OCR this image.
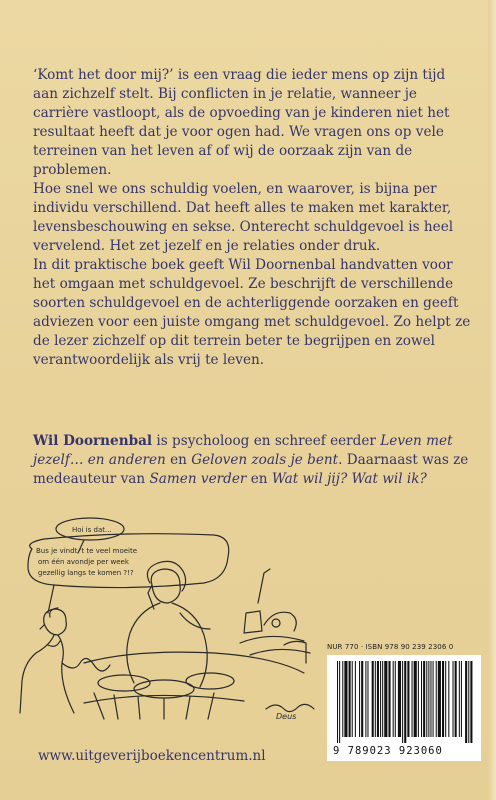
‘Komt het door mij?’ is een vraag die ieder mens op zijn tijd aan zichzelf stelt. Bij conflicten in je relatie, wanneer je carrière vastloopt, als de opvoeding van je kinderen niet het resultaat heeft dat je voor ogen had. We vragen ons op vele terreinen van het leven af of wij de oorzaak zijn van de problemen.

Hoe snel we ons schuldig voelen, en waarover, is bijna per individu verschillend. Dat heeft alles te maken met karakter, levensbeschouwing en sekse. Onterecht schuldgevoel is heel vervelend. Het zet jezelf en je relaties onder druk.

In dit praktische boek geeft Wil Doornenbal handvatten voor het omgaan met schuldgevoel. Ze beschrijft de verschillende soorten schuldgevoel en de achterliggende oorzaken en geeft adviezen voor een juiste omgang met schuldgevoel. Zo helpt ze de lezer zichzelf op dit terrein beter te begrijpen en zowel verantwoordelijk als vrij te leven.

Wil Doornenbal is psycholoog en schreef eerder Leven met jezelf… en anderen en Geloven zoals je bent. Daarnaast was ze medeauteur van Samen verder en Wat wil jij? Wat wil ik?
Hoi is dat...
Bus je vindt 't te veel moeite
om één avondje per week
gezellig langs te komen ?!?
Deus
NUR 770 · ISBN 978 90 239 2306 0
9 789023 923060
www.uitgeverijboekencentrum.nl
